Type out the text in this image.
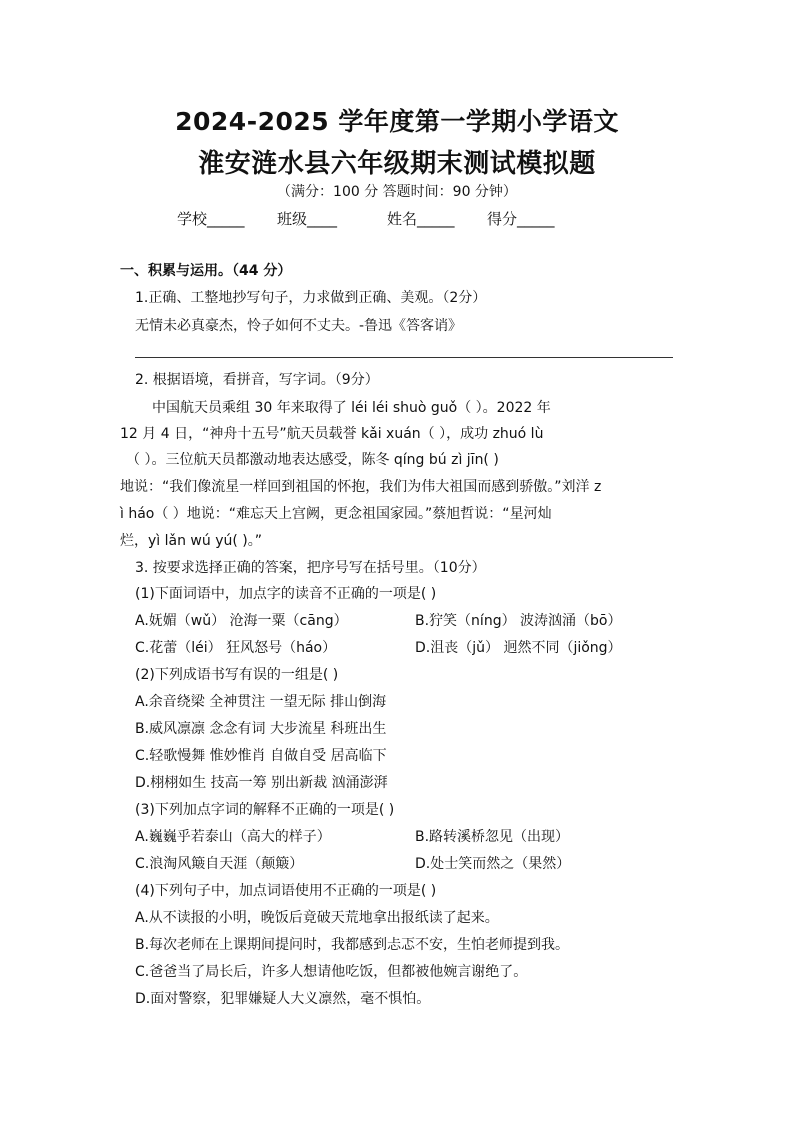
2024-2025 学年度第一学期小学语文
淮安涟水县六年级期末测试模拟题
（满分：100 分 答题时间：90 分钟）
学校_____ 班级____	姓名_____ 得分_____
一、积累与运用。（44 分）
1.正确、工整地抄写句子，力求做到正确、美观。（2分）
无情未必真豪杰，怜子如何不丈夫。-鲁迅《答客诮》
2. 根据语境，看拼音，写字词。（9分）
中国航天员乘组 30 年来取得了 léi léi shuò guǒ（ ）。2022 年
12 月 4 日，“神舟十五号”航天员载誉 kǎi xuán（ ），成功 zhuó lù
（ ）。三位航天员都激动地表达感受，陈冬 qíng bú zì jīn( )
地说：“我们像流星一样回到祖国的怀抱，我们为伟大祖国而感到骄傲。”刘洋 z
ì háo（ ）地说：“难忘天上宫阙，更念祖国家园。”蔡旭哲说：“星河灿
烂，yì lǎn wú yú( )。”
3. 按要求选择正确的答案，把序号写在括号里。（10分）
(1)下面词语中，加点字的读音不正确的一项是( )
A.妩媚（wǔ） 沧海一粟（cāng）	B.狞笑（níng） 波涛汹涌（bō）
C.花蕾（léi） 狂风怒号（háo）	D.沮丧（jǔ） 迥然不同（jiǒng）
(2)下列成语书写有误的一组是( )
A.余音绕梁 全神贯注 一望无际 排山倒海
B.威风凛凛 念念有词 大步流星 科班出生
C.轻歌慢舞 惟妙惟肖 自做自受 居高临下
D.栩栩如生 技高一筹 别出新裁 汹涌澎湃
(3)下列加点字词的解释不正确的一项是( )
A.巍巍乎若泰山（高大的样子）	B.路转溪桥忽见（出现）
C.浪淘风簸自天涯（颠簸）	D.处士笑而然之（果然）
(4)下列句子中，加点词语使用不正确的一项是( )
A.从不读报的小明，晚饭后竟破天荒地拿出报纸读了起来。
B.每次老师在上课期间提问时，我都感到忐忑不安，生怕老师提到我。
C.爸爸当了局长后，许多人想请他吃饭，但都被他婉言谢绝了。
D.面对警察，犯罪嫌疑人大义凛然，毫不惧怕。
